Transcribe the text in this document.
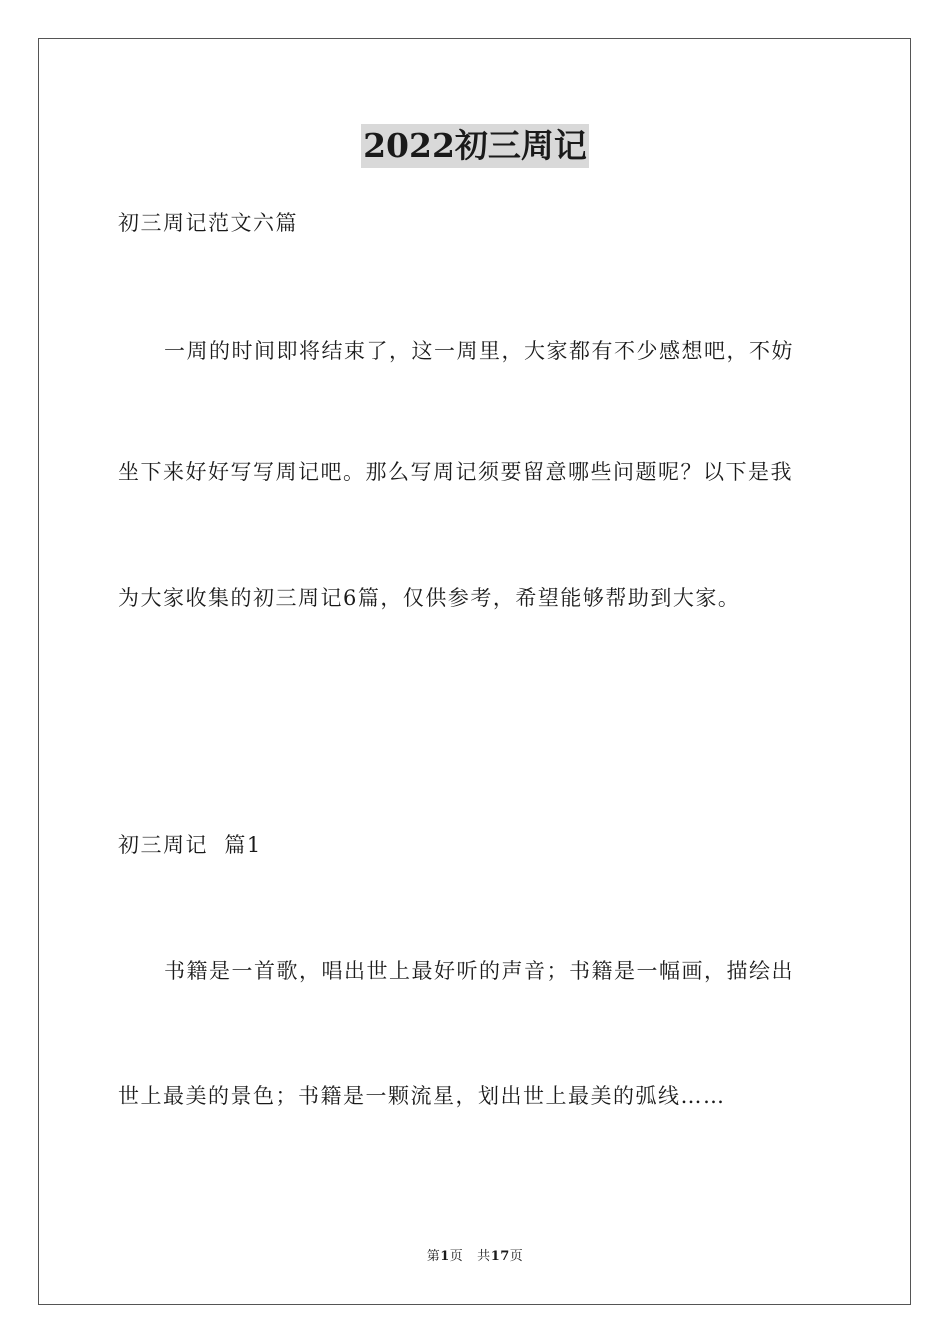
2022初三周记
初三周记范文六篇
一周的时间即将结束了，这一周里，大家都有不少感想吧，不妨
坐下来好好写写周记吧。那么写周记须要留意哪些问题呢？以下是我
为大家收集的初三周记6篇，仅供参考，希望能够帮助到大家。
初三周记  篇1
书籍是一首歌，唱出世上最好听的声音；书籍是一幅画，描绘出
世上最美的景色；书籍是一颗流星，划出世上最美的弧线……
第1页 共17页
